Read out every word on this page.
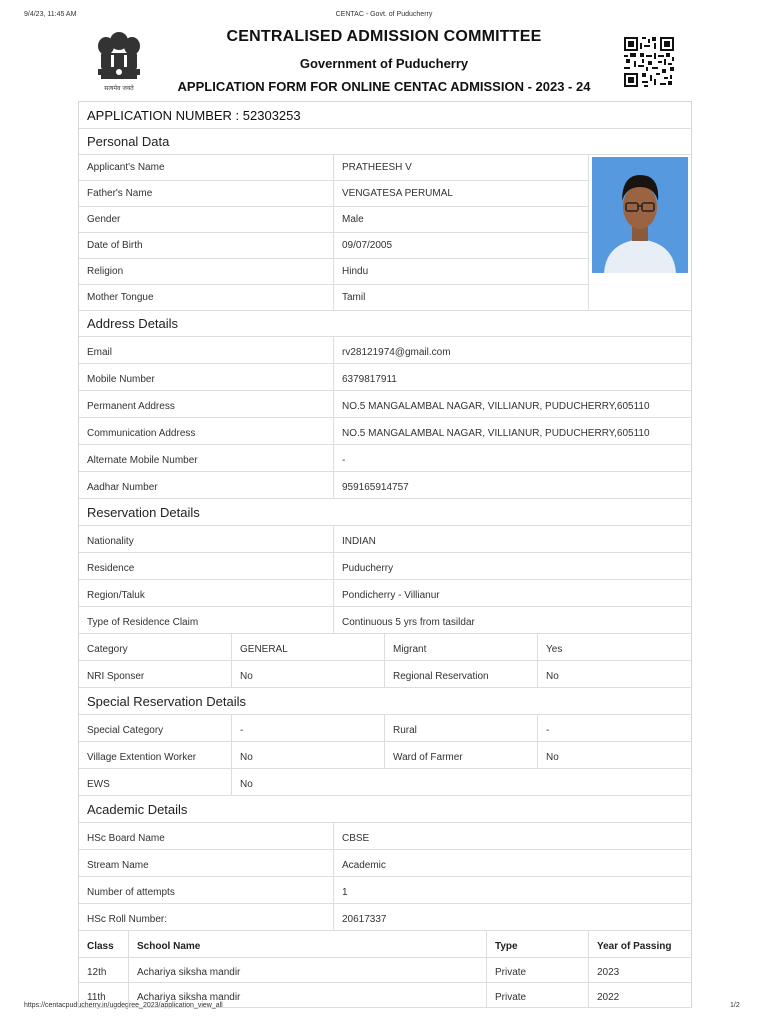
9/4/23, 11:45 AM	CENTAC - Govt. of Puducherry
https://centacpuducherry.in/ugdegree_2023/application_view_all	1/2
सत्यमेव जयते
CENTRALISED ADMISSION COMMITTEE
Government of Puducherry
APPLICATION FORM FOR ONLINE CENTAC ADMISSION - 2023 - 24
APPLICATION NUMBER : 52303253
Personal Data
Applicant's Name	PRATHEESH V
Father's Name	VENGATESA PERUMAL
Gender	Male
Date of Birth	09/07/2005
Religion	Hindu
Mother Tongue	Tamil
Address Details
Email	rv28121974@gmail.com
Mobile Number	6379817911
Permanent Address	NO.5 MANGALAMBAL NAGAR, VILLIANUR, PUDUCHERRY,605110
Communication Address	NO.5 MANGALAMBAL NAGAR, VILLIANUR, PUDUCHERRY,605110
Alternate Mobile Number	-
Aadhar Number	959165914757
Reservation Details
Nationality	INDIAN
Residence	Puducherry
Region/Taluk	Pondicherry - Villianur
Type of Residence Claim	Continuous 5 yrs from tasildar
Category	GENERAL	Migrant	Yes
NRI Sponser	No	Regional Reservation	No
Special Reservation Details
Special Category	-	Rural	-
Village Extention Worker	No	Ward of Farmer	No
EWS	No
Academic Details
HSc Board Name	CBSE
Stream Name	Academic
Number of attempts	1
HSc Roll Number:	20617337
Class	School Name	Type	Year of Passing
12th	Achariya siksha mandir	Private	2023
11th	Achariya siksha mandir	Private	2022
